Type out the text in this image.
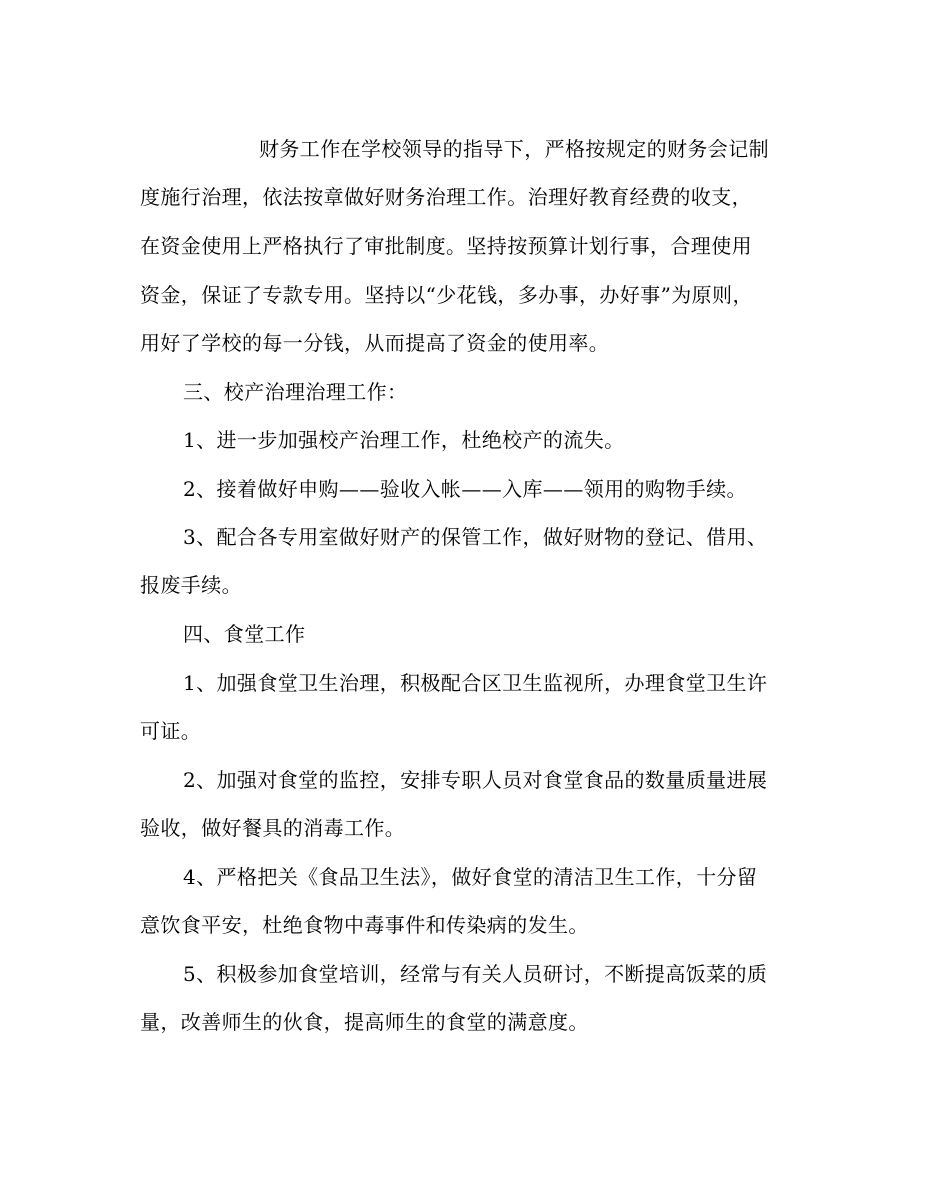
财务工作在学校领导的指导下，严格按规定的财务会记制
度施行治理，依法按章做好财务治理工作。治理好教育经费的收支，
在资金使用上严格执行了审批制度。坚持按预算计划行事，合理使用
资金，保证了专款专用。坚持以“少花钱，多办事，办好事”为原则，
用好了学校的每一分钱，从而提高了资金的使用率。
三、校产治理治理工作：
1、进一步加强校产治理工作，杜绝校产的流失。
2、接着做好申购——验收入帐——入库——领用的购物手续。
3、配合各专用室做好财产的保管工作，做好财物的登记、借用、
报废手续。
四、食堂工作
1、加强食堂卫生治理，积极配合区卫生监视所，办理食堂卫生许
可证。
2、加强对食堂的监控，安排专职人员对食堂食品的数量质量进展
验收，做好餐具的消毒工作。
4、严格把关《食品卫生法》，做好食堂的清洁卫生工作，十分留
意饮食平安，杜绝食物中毒事件和传染病的发生。
5、积极参加食堂培训，经常与有关人员研讨，不断提高饭菜的质
量，改善师生的伙食，提高师生的食堂的满意度。
